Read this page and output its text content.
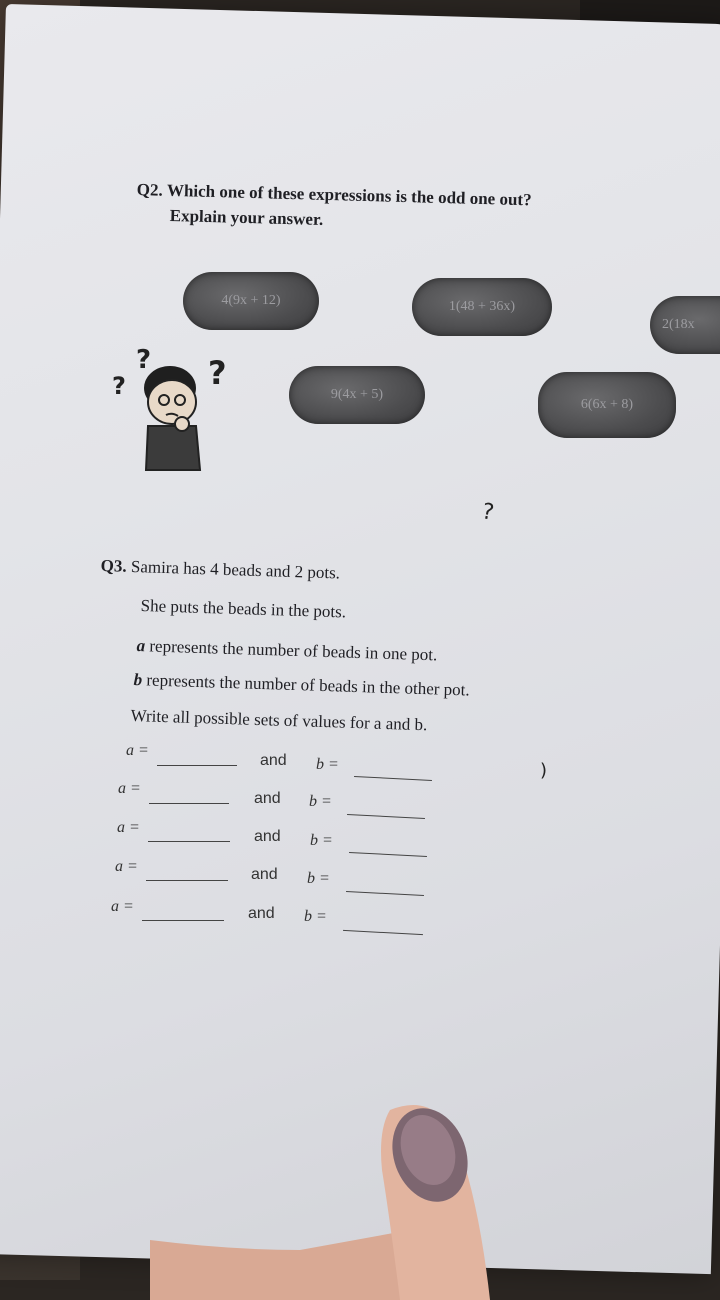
Q2. Which one of these expressions is the odd one out?
Explain your answer.
4(9x + 12)	1(48 + 36x)
2(18x
9(4x + 5)
6(6x + 8)
?
?	?
?
Q3. Samira has 4 beads and 2 pots.
She puts the beads in the pots.
a represents the number of beads in one pot.
b represents the number of beads in the other pot.
Write all possible sets of values for a and b.
a =
and b =
a =
and b =
a =
and b =
a =	and b =
a =	and b =
)
